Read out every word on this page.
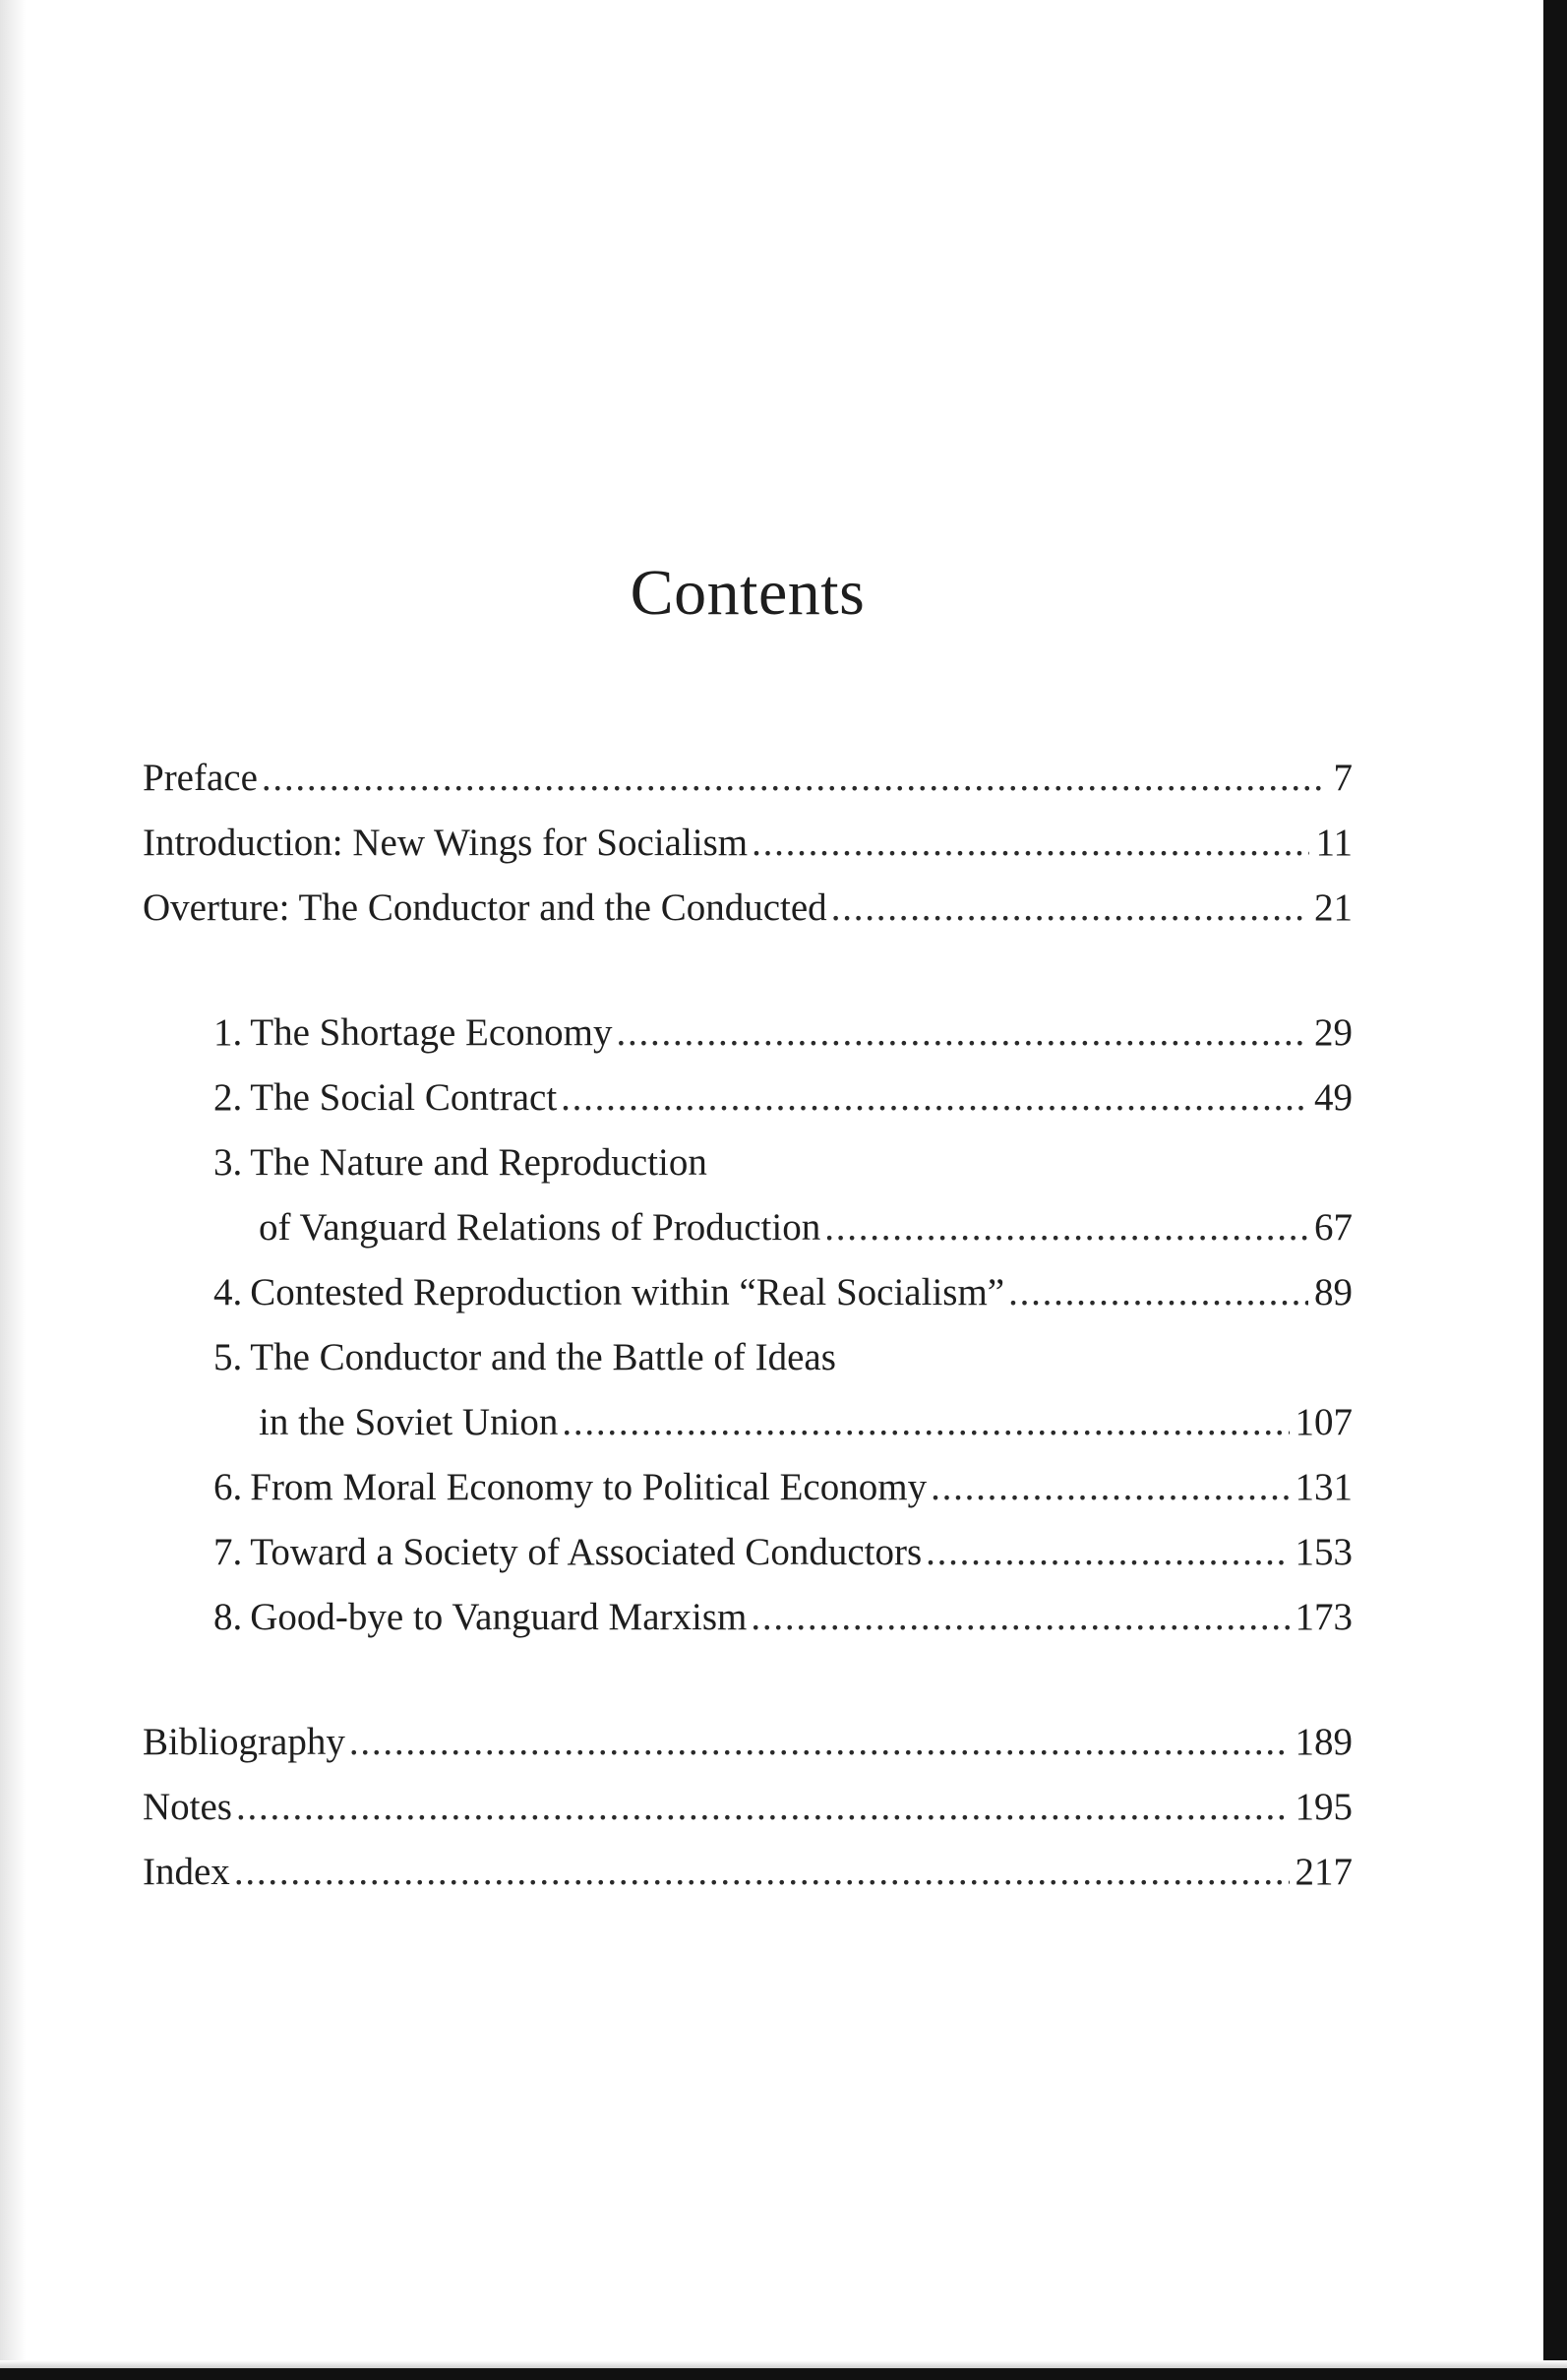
Contents
Preface . . .	7
Introduction: New Wings for Socialism . . .	11
Overture: The Conductor and the Conducted . . .	21
1. The Shortage Economy . . .	29
2. The Social Contract . . .	49
3. The Nature and Reproduction
of Vanguard Relations of Production . . .	67
4. Contested Reproduction within “Real Socialism” . . .	89
5. The Conductor and the Battle of Ideas
in the Soviet Union . . .	107
6. From Moral Economy to Political Economy . . .	131
7. Toward a Society of Associated Conductors . . .	153
8. Good-bye to Vanguard Marxism . . .	173
Bibliography . . .	189
Notes . . .	195
Index . . .	217
